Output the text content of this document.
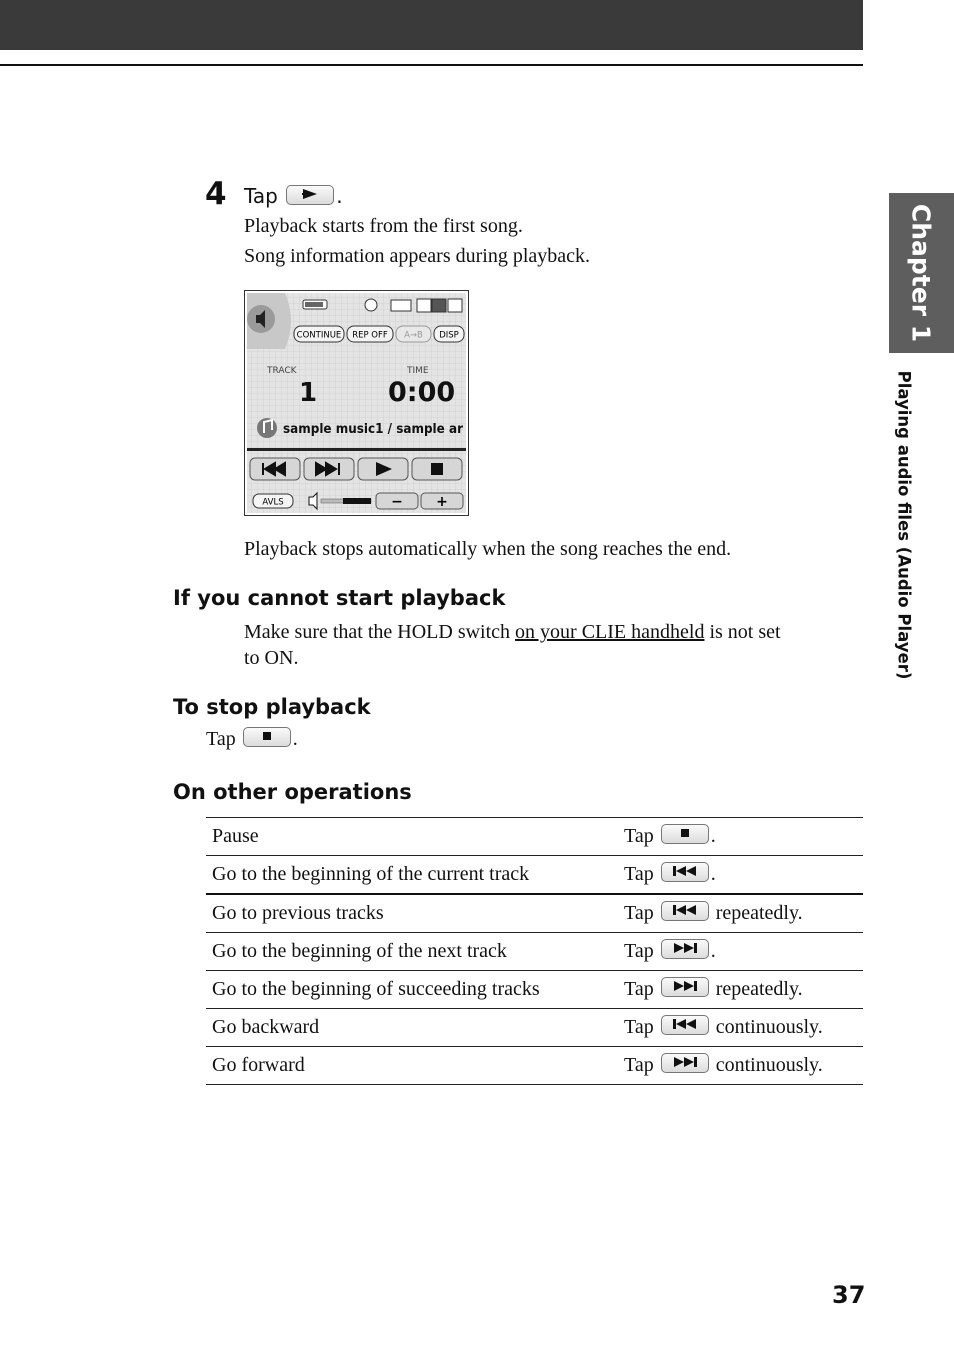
Chapter 1
Playing audio files (Audio Player)
4 Tap	.
Playback starts from the first song.
Song information appears during playback.
CONTINUE REP OFF A→B DISP
TRACK
1
TIME
0:00
sample music1 / sample ar
AVLS	− +
Playback stops automatically when the song reaches the end.
If you cannot start playback
Make sure that the HOLD switch on your CLIE handheld is not set
to ON.
To stop playback
Tap	.
On other operations
Pause	Tap .
Go to the beginning of the current track	Tap .
Go to previous tracks	Tap repeatedly.
Go to the beginning of the next track	Tap .
Go to the beginning of succeeding tracks	Tap repeatedly.
Go backward	Tap continuously.
Go forward	Tap continuously.
37
